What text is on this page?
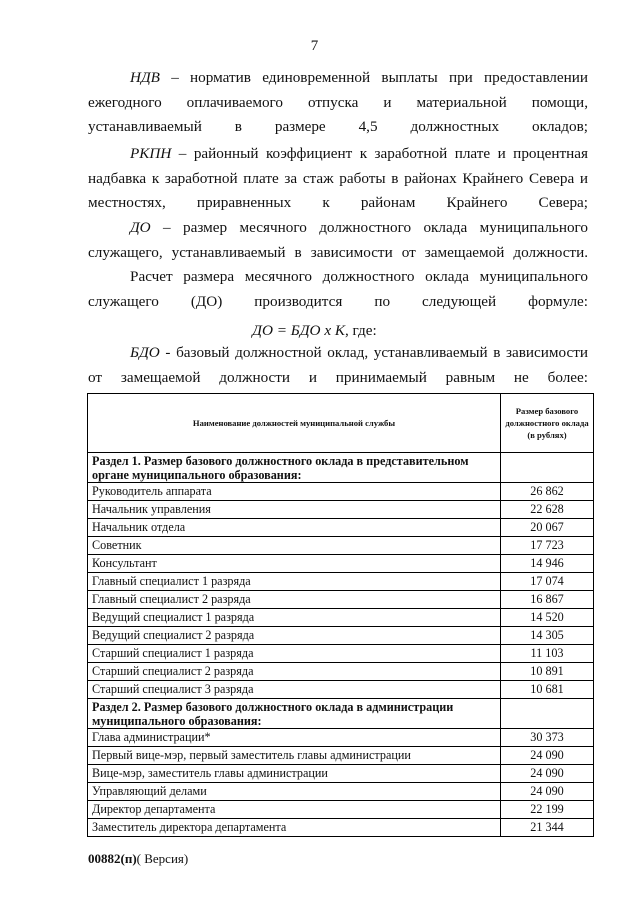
7
НДВ – норматив единовременной выплаты при предоставлении ежегодного оплачиваемого отпуска и материальной помощи, устанавливаемый в размере 4,5 должностных окладов;
РКПН – районный коэффициент к заработной плате и процентная надбавка к заработной плате за стаж работы в районах Крайнего Севера и местностях, приравненных к районам Крайнего Севера;
ДО – размер месячного должностного оклада муниципального служащего, устанавливаемый в зависимости от замещаемой должности.
Расчет размера месячного должностного оклада муниципального служащего (ДО) производится по следующей формуле:
ДО = БДО х К, где:
БДО - базовый должностной оклад, устанавливаемый в зависимости от замещаемой должности и принимаемый равным не более:
Наименование должностей муниципальной службы	Размер базового должностного оклада (в рублях)
Раздел 1. Размер базового должностного оклада в представительном органе муниципального образования:	
Руководитель аппарата	26 862
Начальник управления	22 628
Начальник отдела	20 067
Советник	17 723
Консультант	14 946
Главный специалист 1 разряда	17 074
Главный специалист 2 разряда	16 867
Ведущий специалист 1 разряда	14 520
Ведущий специалист 2 разряда	14 305
Старший специалист 1 разряда	11 103
Старший специалист 2 разряда	10 891
Старший специалист 3 разряда	10 681
Раздел 2. Размер базового должностного оклада в администрации муниципального образования:	
Глава администрации*	30 373
Первый вице-мэр, первый заместитель главы администрации	24 090
Вице-мэр, заместитель главы администрации	24 090
Управляющий делами	24 090
Директор департамента	22 199
Заместитель директора департамента	21 344
00882(п)( Версия)
